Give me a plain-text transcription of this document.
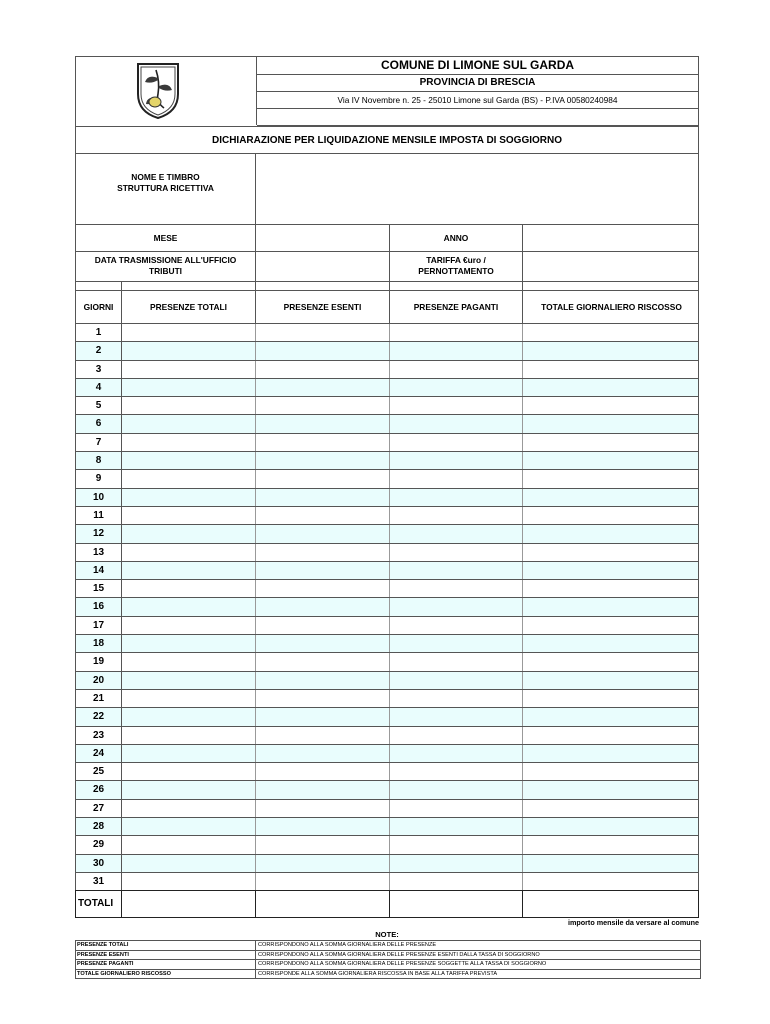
COMUNE DI LIMONE SUL GARDA
PROVINCIA DI BRESCIA
Via IV Novembre n. 25 - 25010 Limone sul Garda (BS) - P.IVA 00580240984
DICHIARAZIONE PER LIQUIDAZIONE MENSILE IMPOSTA DI SOGGIORNO
NOME E TIMBRO
STRUTTURA RICETTIVA
MESE	ANNO
DATA TRASMISSIONE ALL'UFFICIO
TRIBUTI
TARIFFA €uro /
PERNOTTAMENTO
GIORNI	PRESENZE TOTALI	PRESENZE ESENTI	PRESENZE PAGANTI	TOTALE GIORNALIERO RISCOSSO
1
2
3
4
5
6
7
8
9
10
11
12
13
14
15
16
17
18
19
20
21
22
23
24
25
26
27
28
29
30
31
TOTALI
importo mensile da versare al comune
NOTE:
PRESENZE TOTALI	CORRISPONDONO ALLA SOMMA GIORNALIERA DELLE PRESENZE
PRESENZE ESENTI	CORRISPONDONO ALLA SOMMA GIORNALIERA DELLE PRESENZE ESENTI DALLA TASSA DI SOGGIORNO
PRESENZE PAGANTI	CORRISPONDONO ALLA SOMMA GIORNALIERA DELLE PRESENZE SOGGETTE ALLA TASSA DI SOGGIORNO
TOTALE GIORNALIERO RISCOSSO	CORRISPONDE ALLA SOMMA GIORNALIERA RISCOSSA IN BASE ALLA TARIFFA PREVISTA
